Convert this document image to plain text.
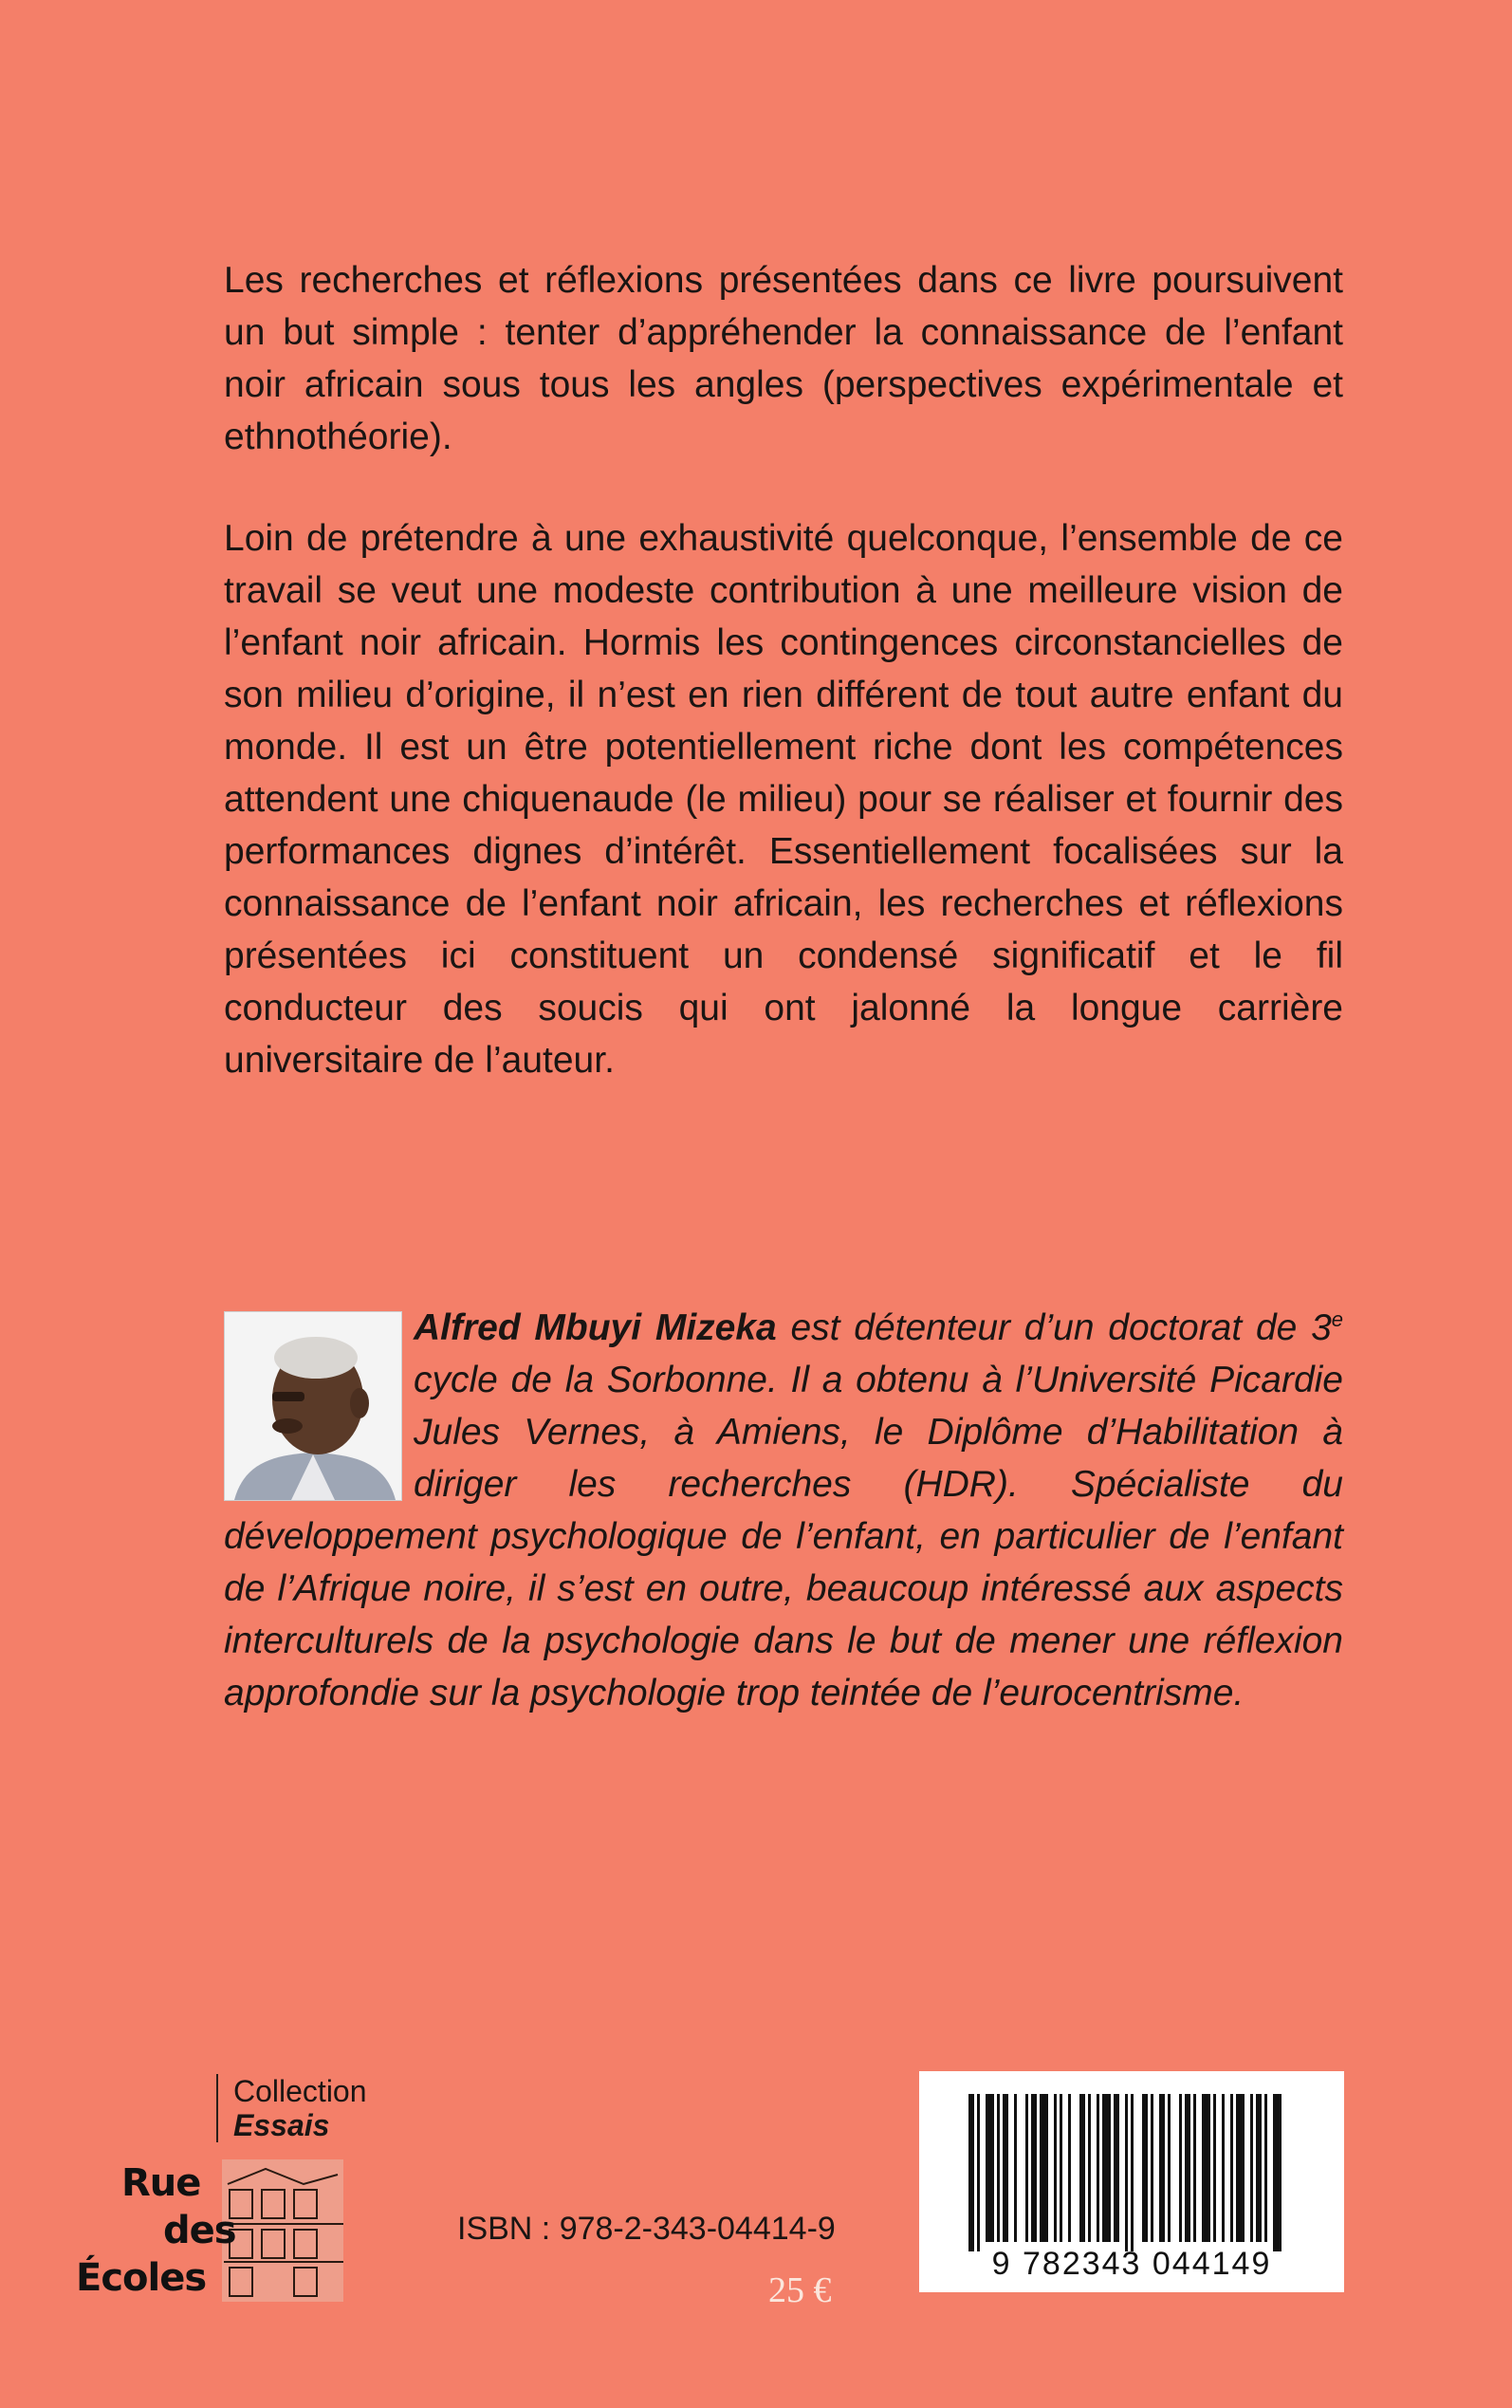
Les recherches et réflexions présentées dans ce livre poursuivent un but simple : tenter d’appréhender la connaissance de l’enfant noir africain sous tous les angles (perspectives expérimentale et ethnothéorie).

Loin de prétendre à une exhaustivité quelconque, l’ensemble de ce travail se veut une modeste contribution à une meilleure vision de l’enfant noir africain. Hormis les contingences circonstancielles de son milieu d’origine, il n’est en rien différent de tout autre enfant du monde. Il est un être potentiellement riche dont les compétences attendent une chiquenaude (le milieu) pour se réaliser et fournir des performances dignes d’intérêt. Essentiellement focalisées sur la connaissance de l’enfant noir africain, les recherches et réflexions présentées ici constituent un condensé significatif et le fil conducteur des soucis qui ont jalonné la longue carrière universitaire de l’auteur.

Alfred Mbuyi Mizeka est détenteur d’un doctorat de 3e cycle de la Sorbonne. Il a obtenu à l’Université Picardie Jules Vernes, à Amiens, le Diplôme d’Habilitation à diriger les recherches (HDR). Spécialiste du développement psychologique de l’enfant, en particulier de l’enfant de l’Afrique noire, il s’est en outre, beaucoup intéressé aux aspects interculturels de la psychologie dans le but de mener une réflexion approfondie sur la psychologie trop teintée de l’eurocentrisme.
Collection
Essais
Rue
des
Écoles
ISBN : 978-2-343-04414-9
25 €
9 782343 044149
